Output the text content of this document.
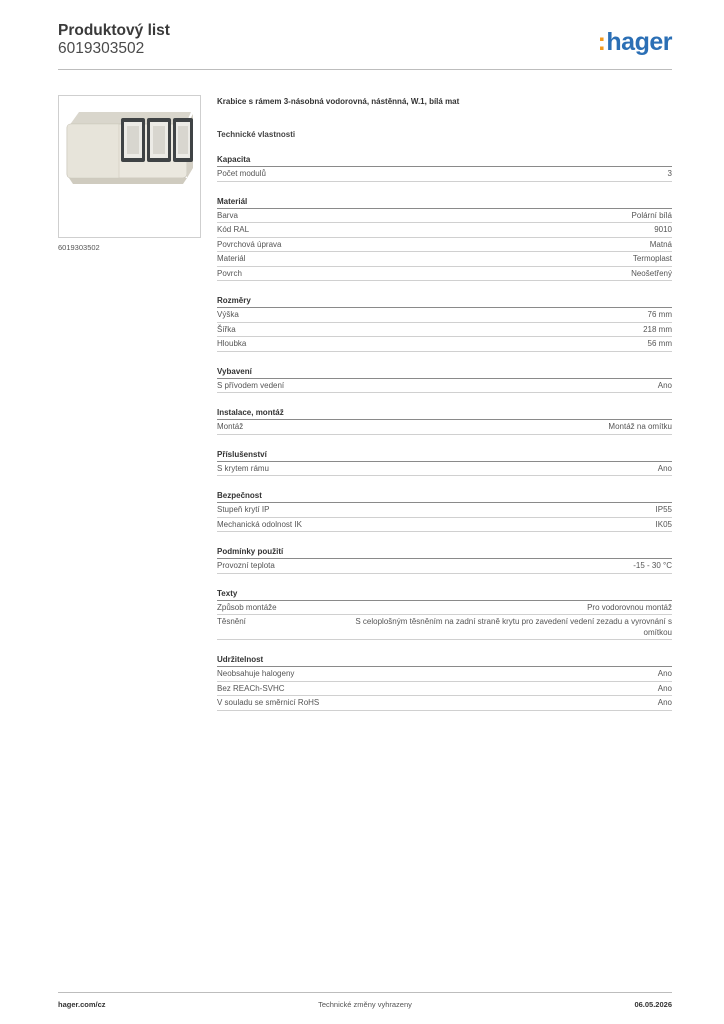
Produktový list
6019303502	:hager
6019303502
Krabice s rámem 3-násobná vodorovná, nástěnná, W.1, bílá mat
Technické vlastnosti
Kapacita
Počet modulů	3
Materiál
Barva	Polární bílá
Kód RAL	9010
Povrchová úprava	Matná
Materiál	Termoplast
Povrch	Neošetřený
Rozměry
Výška	76 mm
Šířka	218 mm
Hloubka	56 mm
Vybavení
S přívodem vedení	Ano
Instalace, montáž
Montáž	Montáž na omítku
Příslušenství
S krytem rámu	Ano
Bezpečnost
Stupeň krytí IP	IP55
Mechanická odolnost IK	IK05
Podmínky použití
Provozní teplota	-15 - 30 °C
Texty
Způsob montáže	Pro vodorovnou montáž
Těsnění	S celoplošným těsněním na zadní straně krytu pro zavedení vedení zezadu a vyrovnání s omítkou
Udržitelnost
Neobsahuje halogeny	Ano
Bez REACh-SVHC	Ano
V souladu se směrnicí RoHS	Ano
hager.com/cz	Technické změny vyhrazeny	06.05.2026
